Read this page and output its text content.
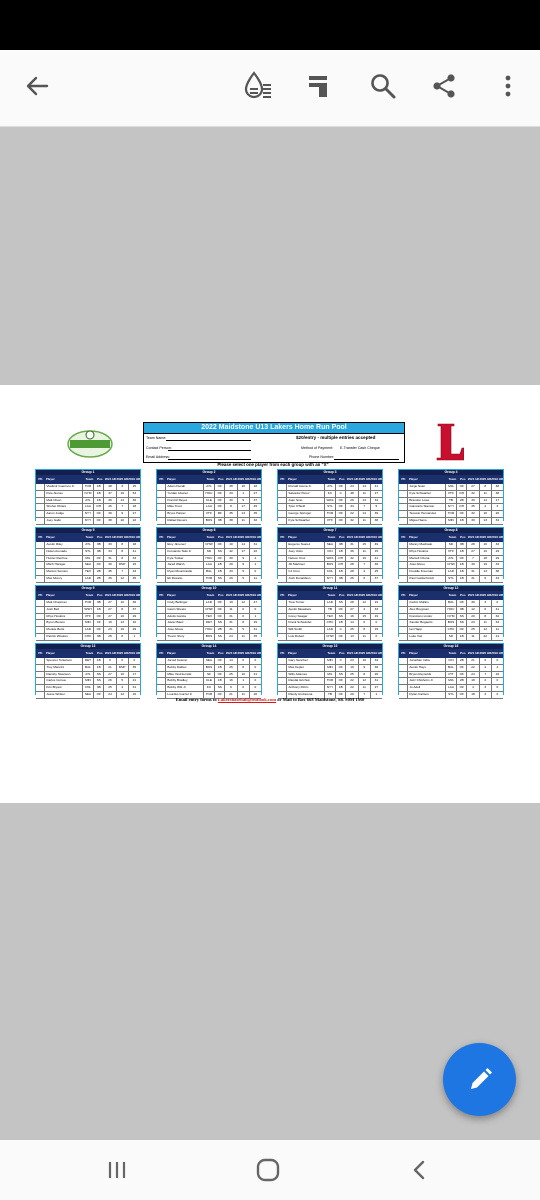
2022 Maidstone U13 Lakers Home Run Pool
Team Name:
Contact Person:
Email Address:
$20/entry - multiple entries accepted
Method of Payment: E-Transfer Cash Cheque
Phone Number:
Please select one player from each group with an "X"
Group 1
PK	Player	Team	Pos 2021 HR 2020 HR 2019 HR
Vladimir Guerrero Jr.	TOR	1B	48	3	15
Pete Alonso	NYM	1B	37	16	53
Matt Olson	ATL	1B	39	14	36
Shohei Ohtani	LAA	DH	46	7	18
Aaron Judge	NYY	OF	39	9	27
Joey Gallo	NYY	OF	38	10	22
Group 2
PK	Player	Team	Pos 2021 HR 2020 HR 2019 HR
Adam Duvall	ATL	OF	38	16	10
Yordan Alvarez	HOU	OF	33	1	27
Franmil Reyes	CLE	OF	30	9	37
Mike Trout	LAA	OF	8	17	45
Bryce Harper	PHI	RF	35	13	35
Rafael Devers	BOS	3B	38	11	32
Group 3
PK	Player	Team	Pos 2021 HR 2020 HR 2019 HR
Ronald Acuna Jr.	ATL	OF	24	14	41
Salvador Perez	KC	C	48	11	27
Juan Soto	WAS	OF	29	13	34
Tyler O'Neill	STL	OF	34	7	5
George Springer	TOR	OF	22	14	39
Kyle Schwarber	PHI	OF	32	11	38
Group 4
PK	Player	Team	Pos 2021 HR 2020 HR 2019 HR
Jorge Soler	MIA	OF	27	8	48
Kyle Schwarber	PHI	DH	32	11	38
Brandon Lowe	TB	2B	39	14	17
Giancarlo Stanton	NYY	DH	35	4	3
Teoscar Hernandez	TOR	OF	32	16	26
Miguel Sano	MIN	1B	30	13	34
Group 5
PK	Player	Team	Pos 2021 HR 2020 HR 2019 HR
Austin Riley	ATL	3B	33	8	18
Nolan Arenado	STL	3B	34	8	41
Hunter Renfroe	MIL	OF	31	8	33
Mitch Haniger	SEA	OF	39	DNP	15
Marcus Semien	TEX	2B	45	7	33
Max Muncy	LAD	2B	36	12	35
Group 6
PK	Player	Team	Pos 2021 HR 2020 HR 2019 HR
Eloy Jimenez	CHW	OF	10	14	31
Fernando Tatis Jr	SD	SS	42	17	22
Kyle Tucker	HOU	OF	30	9	4
Jared Walsh	LAA	1B	29	9	1
Ryan Mountcastle	BAL	1B	33	5	0
Eli Rosario	TOR	SS	29	5	11
Group 7
PK	Player	Team	Pos 2021 HR 2020 HR 2019 HR
Eugenio Suarez	SEA	3B	31	15	49
Joey Votto	CIN	1B	36	11	15
Nelson Cruz	WAS	DH	32	16	41
JD Martinez	BOS	DH	28	7	36
CJ Cron	COL	1B	28	4	25
Josh Donaldson	NYY	3B	26	6	37
Group 8
PK	Player	Team	Pos 2021 HR 2020 HR 2019 HR
Manny Machado	SD	3B	28	16	32
Rhys Hoskins	PHI	1B	27	10	29
Marcell Ozuna	ATL	OF	7	18	29
Jose Abreu	CHW	1B	30	19	33
Freddie Freeman	LAD	1B	31	13	38
Paul Goldschmidt	STL	1B	31	6	34
Group 9
PK	Player	Team	Pos 2021 HR 2020 HR 2019 HR
Matt Chapman	TOR	3B	27	10	36
Josh Bell	WSH	1B	27	8	37
Rhys Hoskins	PHI	OF	27	10	29
Byron Buxton	MIN	CF	19	13	10
Mookie Betts	LAD	OF	23	16	29
Patrick Wisdom	CHC	3B	28	8	1
Group 10
PK	Player	Team	Pos 2021 HR 2020 HR 2019 HR
Cody Bellinger	LAD	OF	10	12	47
Gavin Sheets	CHW	OF	11	0	0
Adolis Garcia	TEX	OF	31	0	1
Javier Baez	DET	SS	31	8	29
Jose Altuve	HOU	2B	31	5	31
Trevor Story	BOS	SS	24	11	35
Group 11
PK	Player	Team	Pos 2021 HR 2020 HR 2019 HR
Trea Turner	LAD	SS	28	12	19
Austin Meadows	TB	OF	27	4	33
Corey Seager	TEX	SS	16	15	19
Frank Schwindel	CHC	1B	14	0	0
Will Smith	LAD	C	25	8	15
Luis Robert	CHW	OF	13	11	0
Group 12
PK	Player	Team	Pos 2021 HR 2020 HR 2019 HR
Cedric Mullins	BAL	OF	30	3	0
Alex Bregman	HOU	3B	12	6	41
Francisco Lindor	NYM	SS	20	8	32
Xander Bogaerts	BOS	SS	23	11	33
Ian Happ	CHC	OF	25	12	11
Luke Voit	SD	1B	11	22	21
Group 13
PK	Player	Team	Pos 2021 HR 2020 HR 2019 HR
Spencer Torkelson	DET	1B	0	0	0
Trey Mancini	BAL	1B	21	DNP	35
Dansby Swanson	ATL	SS	27	10	17
Carlos Correa	MIN	SS	26	5	21
Kris Bryant	COL	3B	25	4	31
Jesse Winker	SEA	OF	24	12	16
Group 14
PK	Player	Team	Pos 2021 HR 2020 HR 2019 HR
Jarred Kelenic	SEA	OF	14	0	0
Bobby Dalbec	BOS	1B	25	8	0
Mike Yastrzemski	SF	OF	25	10	21
Bobby Bradley	CLE	1B	16	1	0
Bobby Witt Jr	KC	SS	0	0	0
Lourdes Gurriel Jr	TOR	OF	21	11	20
Group 15
PK	Player	Team	Pos 2021 HR 2020 HR 2019 HR
Gary Sanchez	MIN	C	23	10	34
Max Kepler	MIN	OF	19	9	36
Willy Adames	MIL	SS	25	8	20
Randal Grichuk	TOR	OF	22	12	31
Anthony Rizzo	NYY	1B	22	11	27
Randy Arozarena	TB	OF	20	7	1
Group 16
PK	Player	Team	Pos 2021 HR 2020 HR 2019 HR
Jonathan India	CIN	2B	21	0	0
Austin Hays	BAL	OF	22	4	4
Bryan Reynolds	PIT	OF	24	7	16
Jazz Chisholm Jr	MIA	2B	18	2	0
Jo Adell	LAA	OF	4	3	0
Dylan Carlson	STL	OF	18	3	0
Email entry forms to Lakersbaseball@outlook.com or Mail to Box 668 Maidstone, SK S0M 1M0
